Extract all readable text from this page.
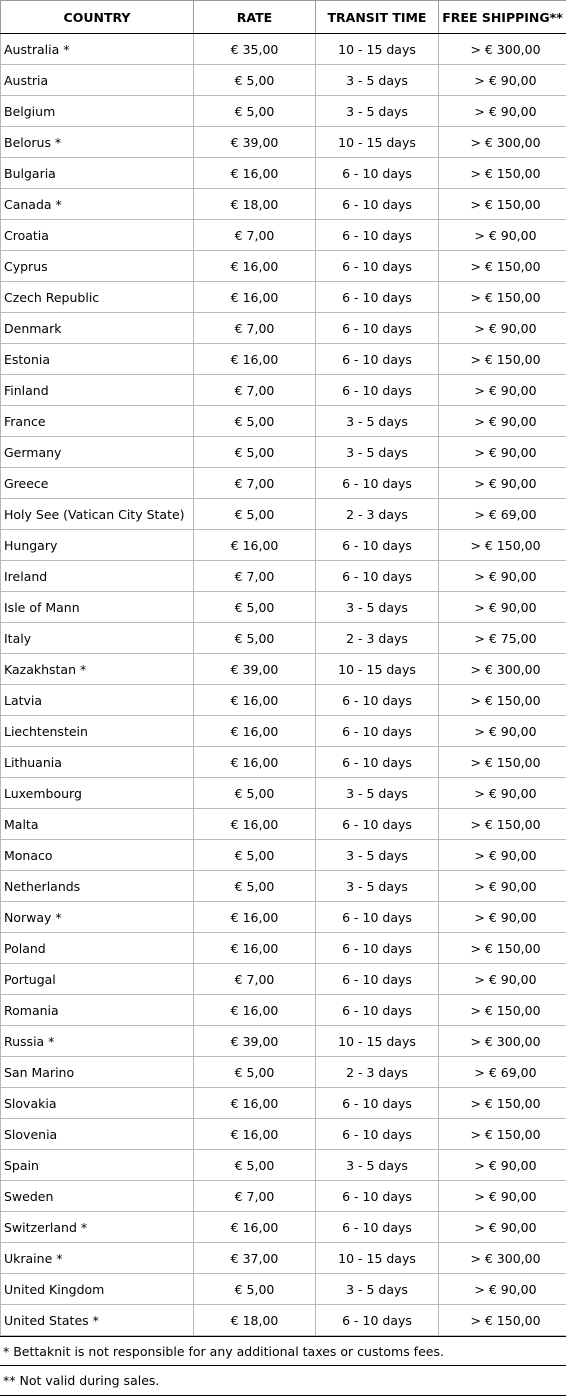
COUNTRY	RATE	TRANSIT TIME	FREE SHIPPING**
Australia *	€ 35,00	10 - 15 days	> € 300,00
Austria	€ 5,00	3 - 5 days	> € 90,00
Belgium	€ 5,00	3 - 5 days	> € 90,00
Belorus *	€ 39,00	10 - 15 days	> € 300,00
Bulgaria	€ 16,00	6 - 10 days	> € 150,00
Canada *	€ 18,00	6 - 10 days	> € 150,00
Croatia	€ 7,00	6 - 10 days	> € 90,00
Cyprus	€ 16,00	6 - 10 days	> € 150,00
Czech Republic	€ 16,00	6 - 10 days	> € 150,00
Denmark	€ 7,00	6 - 10 days	> € 90,00
Estonia	€ 16,00	6 - 10 days	> € 150,00
Finland	€ 7,00	6 - 10 days	> € 90,00
France	€ 5,00	3 - 5 days	> € 90,00
Germany	€ 5,00	3 - 5 days	> € 90,00
Greece	€ 7,00	6 - 10 days	> € 90,00
Holy See (Vatican City State)	€ 5,00	2 - 3 days	> € 69,00
Hungary	€ 16,00	6 - 10 days	> € 150,00
Ireland	€ 7,00	6 - 10 days	> € 90,00
Isle of Mann	€ 5,00	3 - 5 days	> € 90,00
Italy	€ 5,00	2 - 3 days	> € 75,00
Kazakhstan *	€ 39,00	10 - 15 days	> € 300,00
Latvia	€ 16,00	6 - 10 days	> € 150,00
Liechtenstein	€ 16,00	6 - 10 days	> € 90,00
Lithuania	€ 16,00	6 - 10 days	> € 150,00
Luxembourg	€ 5,00	3 - 5 days	> € 90,00
Malta	€ 16,00	6 - 10 days	> € 150,00
Monaco	€ 5,00	3 - 5 days	> € 90,00
Netherlands	€ 5,00	3 - 5 days	> € 90,00
Norway *	€ 16,00	6 - 10 days	> € 90,00
Poland	€ 16,00	6 - 10 days	> € 150,00
Portugal	€ 7,00	6 - 10 days	> € 90,00
Romania	€ 16,00	6 - 10 days	> € 150,00
Russia *	€ 39,00	10 - 15 days	> € 300,00
San Marino	€ 5,00	2 - 3 days	> € 69,00
Slovakia	€ 16,00	6 - 10 days	> € 150,00
Slovenia	€ 16,00	6 - 10 days	> € 150,00
Spain	€ 5,00	3 - 5 days	> € 90,00
Sweden	€ 7,00	6 - 10 days	> € 90,00
Switzerland *	€ 16,00	6 - 10 days	> € 90,00
Ukraine *	€ 37,00	10 - 15 days	> € 300,00
United Kingdom	€ 5,00	3 - 5 days	> € 90,00
United States *	€ 18,00	6 - 10 days	> € 150,00
* Bettaknit is not responsible for any additional taxes or customs fees.
** Not valid during sales.
